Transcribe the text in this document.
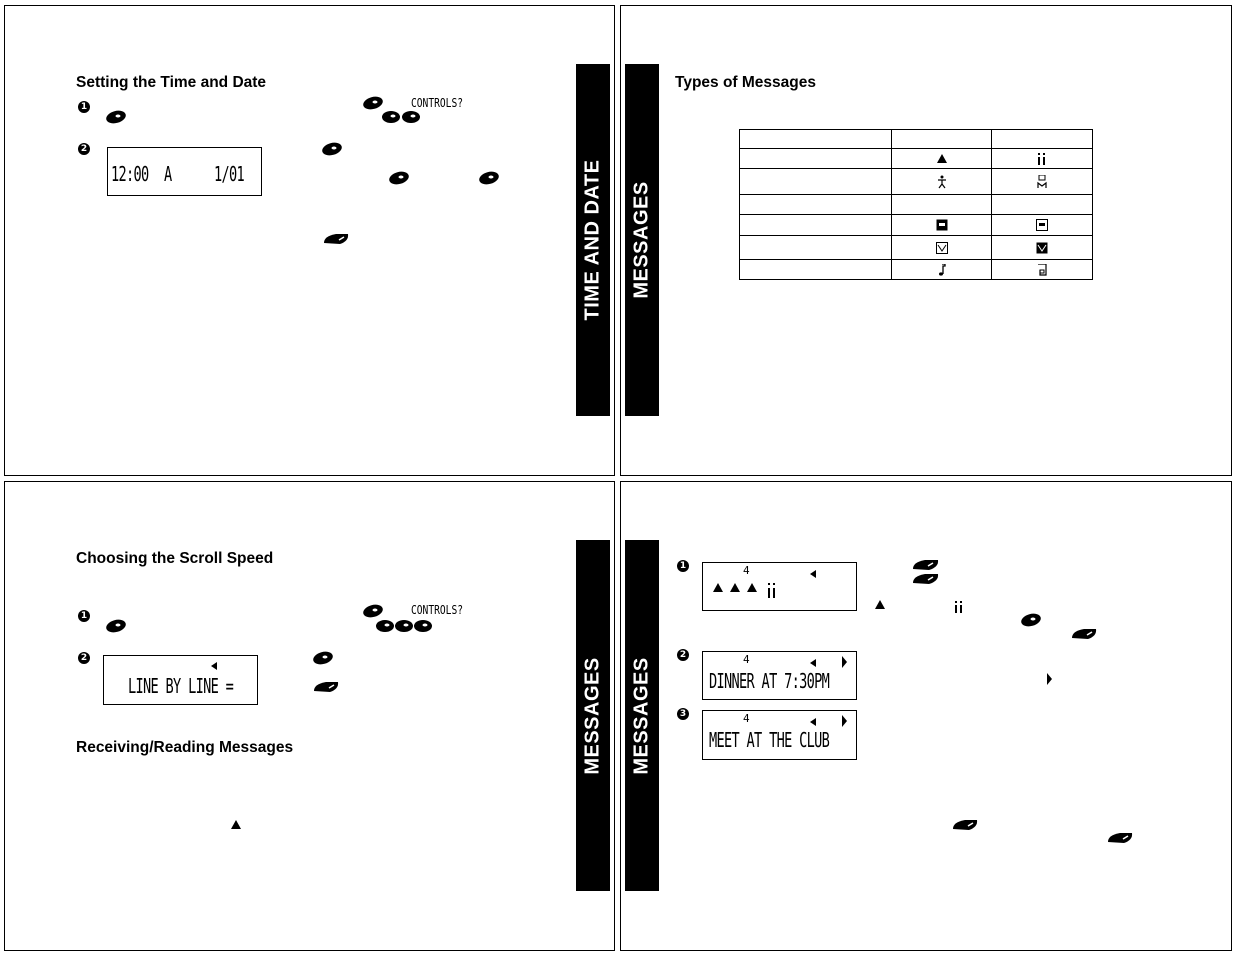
Setting the Time and Date
1	CONTROLS?
2
12:00 A 1/01	TIME AND DATE MESSAGES
Types of Messages

Choosing the Scroll Speed
1	CONTROLS?
2
LINE BY LINE =
Receiving/Reading Messages	MESSAGES MESSAGES
1	4
2	4
DINNER AT 7:30PM
3	4
MEET AT THE CLUB
